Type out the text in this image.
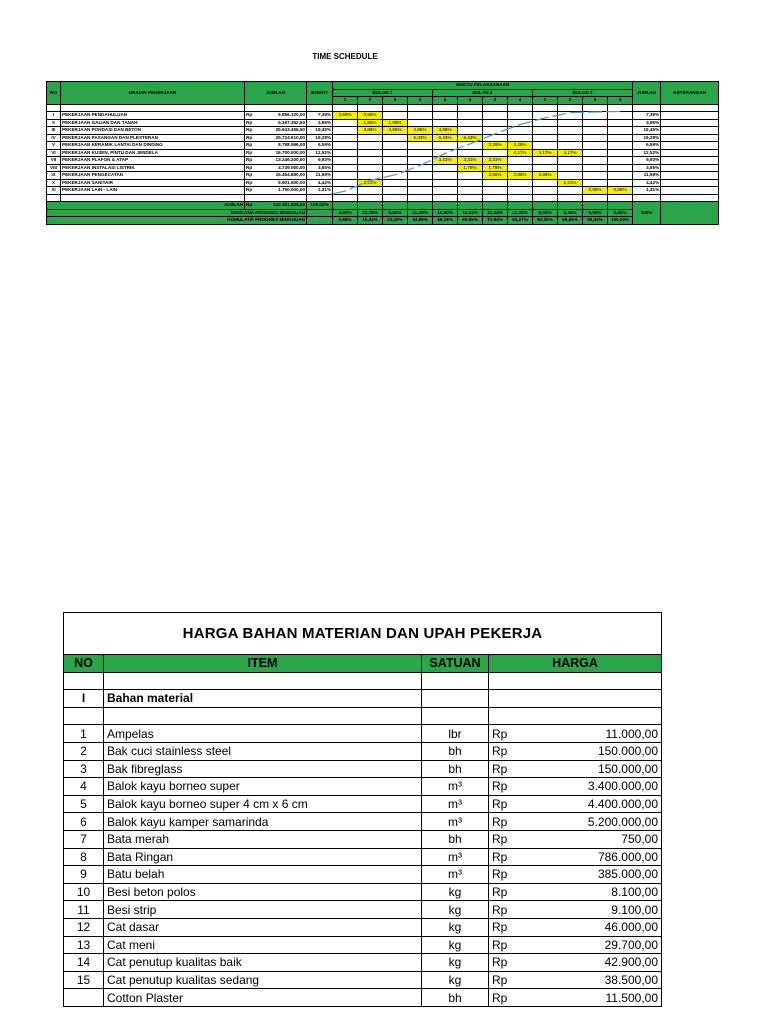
TIME SCHEDULE
NO	URAIAN PEKERJAAN	JUMLAH	BOBOT	WAKTU PELAKSANAAN												JUMLAH	KETERANGAN
				BULAN 1				BULAN 2				BULAN 3					
				1	2	3	4	1	2	3	4	1	2	3	4		

I	PEKERJAAN PENDAHULUAN	Rp 9.856.320,00	7,39%	3,69%	3,69%											7,39%	
II	PEKERJAAN GALIAN DAN TANAH	Rp 5.287.262,50	3,96%		1,98%	1,98%										3,96%	
III	PEKERJAAN PONDASI DAN BETON	Rp 25.943.456,50	19,45%		4,86%	4,86%	4,86%	4,86%								19,45%	
IV	PEKERJAAN PASANGAN DAN PLESTERAN	Rp 25.724.610,00	19,28%				6,43%	6,43%	6,43%							19,28%	
V	PEKERJAAN KERAMIK LANTAI DAN DINDING	Rp 8.788.596,00	6,59%							3,29%	3,29%					6,59%	
VI	PEKERJAAN KUSEN, PINTU DAN JENDELA	Rp 16.700.000,00	12,52%								4,17%	4,17%	4,17%			12,52%	
VII	PEKERJAAN PLAFON & ATAP	Rp 13.246.200,00	9,93%					3,31%	3,31%	3,31%						9,93%	
VIII	PEKERJAAN INSTALASI LISTRIK	Rp 4.739.000,00	3,55%						1,78%	1,78%						3,55%	
IX	PEKERJAAN PENGECATAN	Rp 15.464.880,00	11,59%							3,86%	3,86%	3,86%				11,59%	
X	PEKERJAAN SANITAIR	Rp 5.901.500,00	4,42%		2,21%								2,21%			4,42%	
XI	PEKERJAAN LAIN - LAIN	Rp 1.750.000,00	1,31%											0,66%	0,66%	1,31%	

JUMLAH		Rp 133.401.825,00	100,00%													100%	
RENCANA PROGRES MINGGUAN				3,69%	12,75%	6,84%	11,29%	14,60%	11,51%	12,24%	11,33%	8,04%	6,38%	0,66%	0,66%		
KOMULATIF PROGRES MINGGUAN				3,69%	16,44%	23,29%	34,58%	49,18%	60,69%	72,94%	84,27%	92,30%	98,69%	99,34%	100,00%		
HARGA BAHAN MATERIAN DAN UPAH PEKERJA				
NO	ITEM	SATUAN	HARGA	

I	Bahan material			

1	Ampelas	lbr	Rp	11.000,00
2	Bak cuci stainless steel	bh	Rp	150.000,00
3	Bak fibreglass	bh	Rp	150.000,00
4	Balok kayu borneo super	m³	Rp	3.400.000,00
5	Balok kayu borneo super 4 cm x 6 cm	m³	Rp	4.400.000,00
6	Balok kayu kamper samarinda	m³	Rp	5.200.000,00
7	Bata merah	bh	Rp	750,00
8	Bata Ringan	m³	Rp	786.000,00
9	Batu belah	m³	Rp	385.000,00
10	Besi beton polos	kg	Rp	8.100,00
11	Besi strip	kg	Rp	9.100,00
12	Cat dasar	kg	Rp	46.000,00
13	Cat meni	kg	Rp	29.700,00
14	Cat penutup kualitas baik	kg	Rp	42.900,00
15	Cat penutup kualitas sedang	kg	Rp	38.500,00
	Cotton Plaster	bh	Rp	11.500,00
